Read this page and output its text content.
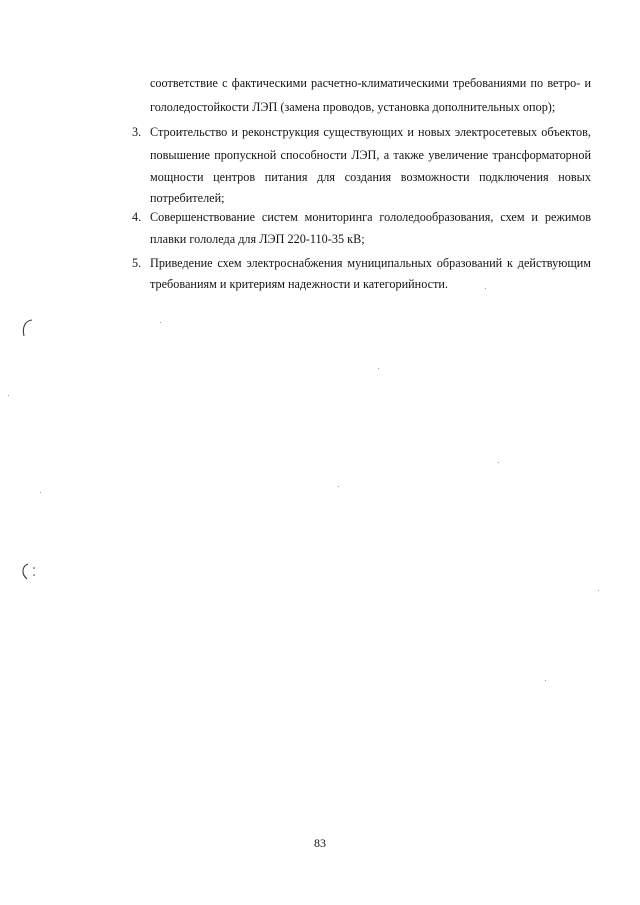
соответствие с фактическими расчетно-климатическими требованиями по ветро- и
гололедостойкости ЛЭП (замена проводов, установка дополнительных опор);
3. Строительство и реконструкция существующих и новых электросетевых объектов,
повышение пропускной способности ЛЭП, а также увеличение трансформаторной
мощности центров питания для создания возможности подключения новых
потребителей;
4. Совершенствование систем мониторинга гололедообразования, схем и режимов
плавки гололеда для ЛЭП 220-110-35 кВ;
5. Приведение схем электроснабжения муниципальных образований к действующим
требованиям и критериям надежности и категорийности.
83
